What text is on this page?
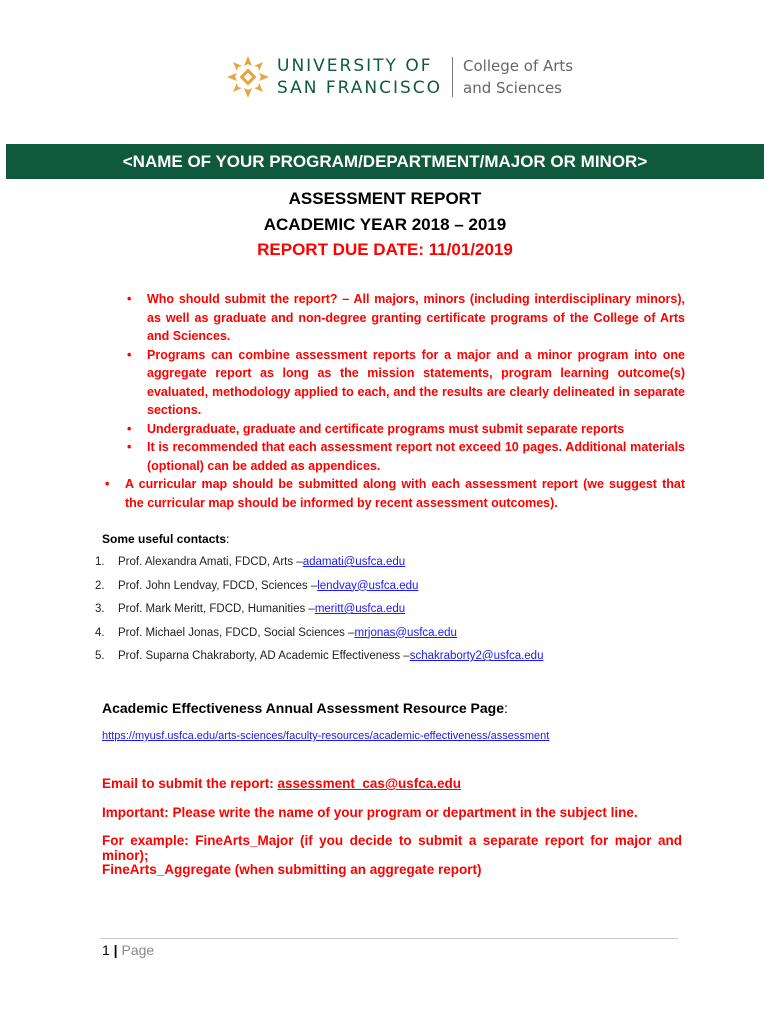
UNIVERSITY OF
SAN FRANCISCO
College of Arts
and Sciences
<NAME OF YOUR PROGRAM/DEPARTMENT/MAJOR OR MINOR>
ASSESSMENT REPORT
ACADEMIC YEAR 2018 – 2019
REPORT DUE DATE: 11/01/2019
• Who should submit the report? – All majors, minors (including interdisciplinary minors), as well as graduate and non-degree granting certificate programs of the College of Arts and Sciences.
• Programs can combine assessment reports for a major and a minor program into one aggregate report as long as the mission statements, program learning outcome(s) evaluated, methodology applied to each, and the results are clearly delineated in separate sections.
• Undergraduate, graduate and certificate programs must submit separate reports
• It is recommended that each assessment report not exceed 10 pages. Additional materials (optional) can be added as appendices.
• A curricular map should be submitted along with each assessment report (we suggest that the curricular map should be informed by recent assessment outcomes).
Some useful contacts:
1.	Prof. Alexandra Amati, FDCD, Arts – adamati@usfca.edu
2.	Prof. John Lendvay, FDCD, Sciences – lendvay@usfca.edu
3.	Prof. Mark Meritt, FDCD, Humanities – meritt@usfca.edu
4.	Prof. Michael Jonas, FDCD, Social Sciences – mrjonas@usfca.edu
5.	Prof. Suparna Chakraborty, AD Academic Effectiveness – schakraborty2@usfca.edu
Academic Effectiveness Annual Assessment Resource Page:
https://myusf.usfca.edu/arts-sciences/faculty-resources/academic-effectiveness/assessment
Email to submit the report: assessment_cas@usfca.edu
Important: Please write the name of your program or department in the subject line.
For example: FineArts_Major (if you decide to submit a separate report for major and minor);
FineArts_Aggregate (when submitting an aggregate report)
1 | Page
